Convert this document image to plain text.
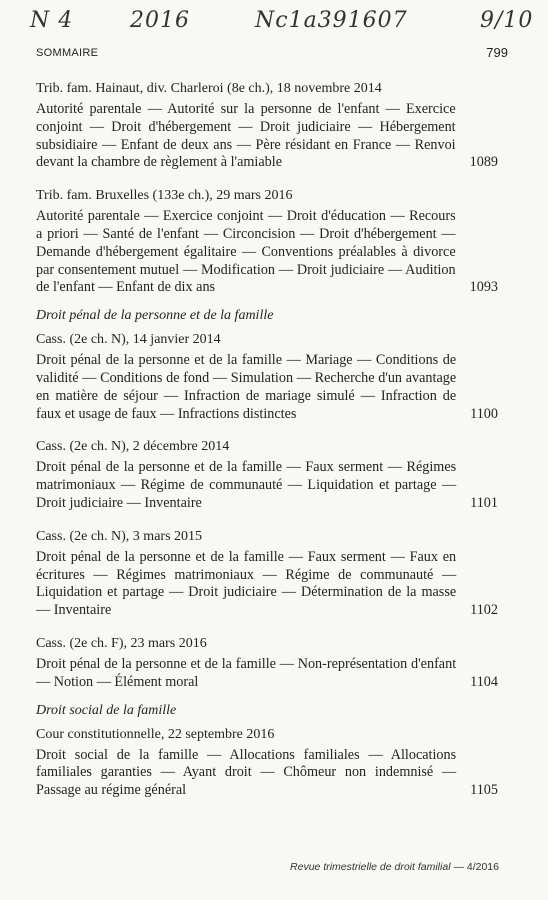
N 4	2016	Nc1a391607	9/10
SOMMAIRE	799
Trib. fam. Hainaut, div. Charleroi (8e ch.), 18 novembre 2014
Autorité parentale — Autorité sur la personne de l'enfant — Exercice conjoint — Droit d'hébergement — Droit judiciaire — Hébergement subsidiaire — Enfant de deux ans — Père résidant en France — Renvoi devant la chambre de règlement à l'amiable	1089
Trib. fam. Bruxelles (133e ch.), 29 mars 2016
Autorité parentale — Exercice conjoint — Droit d'éducation — Recours a priori — Santé de l'enfant — Circoncision — Droit d'hébergement — Demande d'hébergement égalitaire — Conventions préalables à divorce par consentement mutuel — Modification — Droit judiciaire — Audition de l'enfant — Enfant de dix ans	1093
Droit pénal de la personne et de la famille
Cass. (2e ch. N), 14 janvier 2014
Droit pénal de la personne et de la famille — Mariage — Conditions de validité — Conditions de fond — Simulation — Recherche d'un avantage en matière de séjour — Infraction de mariage simulé — Infraction de faux et usage de faux — Infractions distinctes	1100
Cass. (2e ch. N), 2 décembre 2014
Droit pénal de la personne et de la famille — Faux serment — Régimes matrimoniaux — Régime de communauté — Liquidation et partage — Droit judiciaire — Inventaire	1101
Cass. (2e ch. N), 3 mars 2015
Droit pénal de la personne et de la famille — Faux serment — Faux en écritures — Régimes matrimoniaux — Régime de communauté — Liquidation et partage — Droit judiciaire — Détermination de la masse — Inventaire	1102
Cass. (2e ch. F), 23 mars 2016
Droit pénal de la personne et de la famille — Non-représentation d'enfant — Notion — Élément moral	1104
Droit social de la famille
Cour constitutionnelle, 22 septembre 2016
Droit social de la famille — Allocations familiales — Allocations familiales garanties — Ayant droit — Chômeur non indemnisé — Passage au régime général	1105
Revue trimestrielle de droit familial — 4/2016
